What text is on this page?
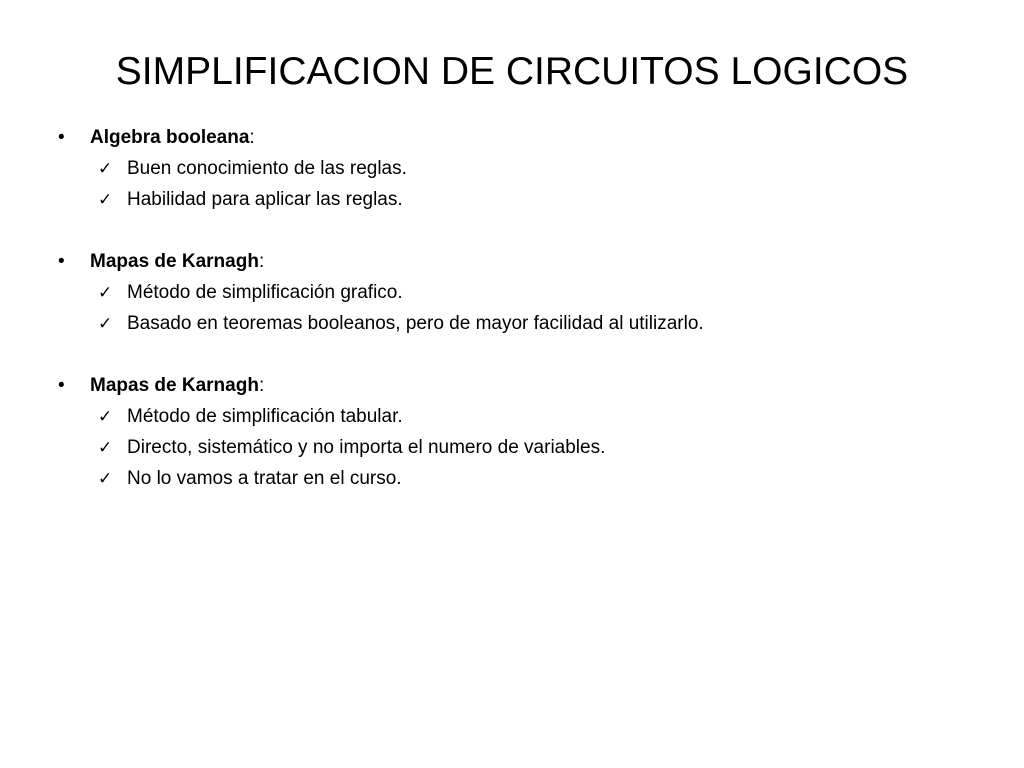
SIMPLIFICACION DE CIRCUITOS LOGICOS
•	Algebra booleana:
✓ Buen conocimiento de las reglas.
✓ Habilidad para aplicar las reglas.
•	Mapas de Karnagh:
✓ Método de simplificación grafico.
✓ Basado en teoremas booleanos, pero de mayor facilidad al utilizarlo.
•	Mapas de Karnagh:
✓ Método de simplificación tabular.
✓ Directo, sistemático y no importa el numero de variables.
✓ No lo vamos a tratar en el curso.
